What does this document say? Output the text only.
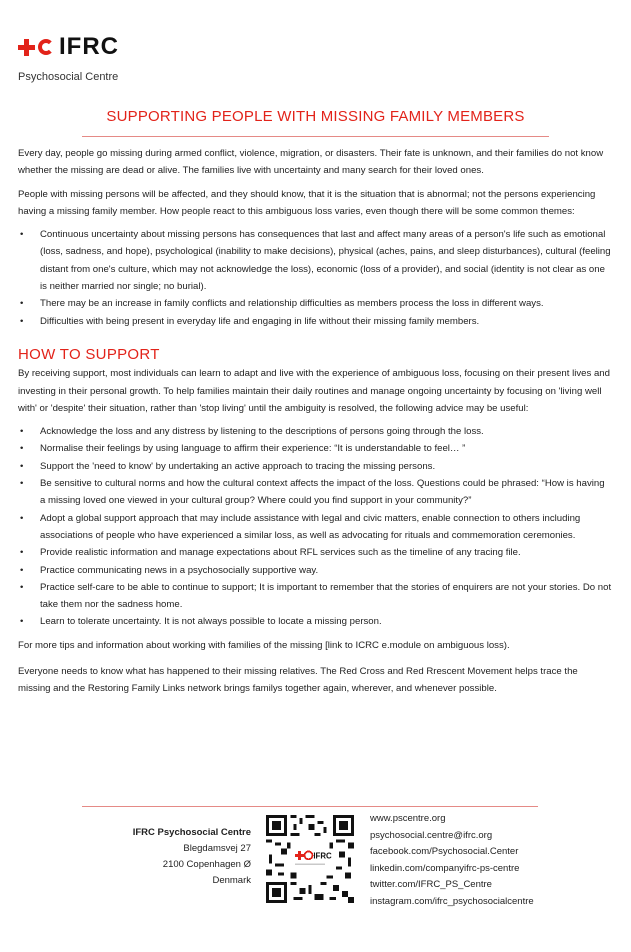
IFRC
Psychosocial Centre
SUPPORTING PEOPLE WITH MISSING FAMILY MEMBERS

Every day, people go missing during armed conflict, violence, migration, or disasters. Their fate is unknown, and their families do not know whether the missing are dead or alive. The families live with uncertainty and many search for their loved ones.

People with missing persons will be affected, and they should know, that it is the situation that is abnormal; not the persons experiencing having a missing family member. How people react to this ambiguous loss varies, even though there will be some common themes:

• Continuous uncertainty about missing persons has consequences that last and affect many areas of a person's life such as emotional (loss, sadness, and hope), psychological (inability to make decisions), physical (aches, pains, and sleep disturbances), cultural (feeling distant from one's culture, which may not acknowledge the loss), economic (loss of a provider), and social (identity is not clear as one is neither married nor single; no burial).
• There may be an increase in family conflicts and relationship difficulties as members process the loss in different ways.
• Difficulties with being present in everyday life and engaging in life without their missing family members.
HOW TO SUPPORT

By receiving support, most individuals can learn to adapt and live with the experience of ambiguous loss, focusing on their present lives and investing in their personal growth. To help families maintain their daily routines and manage ongoing uncertainty by focusing on 'living well with' or 'despite' their situation, rather than 'stop living' until the ambiguity is resolved, the following advice may be useful:

• Acknowledge the loss and any distress by listening to the descriptions of persons going through the loss.
• Normalise their feelings by using language to affirm their experience: “It is understandable to feel… ”
• Support the 'need to know' by undertaking an active approach to tracing the missing persons.
• Be sensitive to cultural norms and how the cultural context affects the impact of the loss. Questions could be phrased: “How is having a missing loved one viewed in your cultural group? Where could you find support in your community?”
• Adopt a global support approach that may include assistance with legal and civic matters, enable connection to others including associations of people who have experienced a similar loss, as well as advocating for rituals and commemoration ceremonies.
• Provide realistic information and manage expectations about RFL services such as the timeline of any tracing file.
• Practice communicating news in a psychosocially supportive way.
• Practice self-care to be able to continue to support; It is important to remember that the stories of enquirers are not your stories. Do not take them nor the sadness home.
• Learn to tolerate uncertainty. It is not always possible to locate a missing person.

For more tips and information about working with families of the missing [link to ICRC e.module on ambiguous loss).

Everyone needs to know what has happened to their missing relatives. The Red Cross and Red Rrescent Movement helps trace the missing and the Restoring Family Links network brings familys together again, wherever, and whenever possible.

IFRC Psychosocial Centre
Blegdamsvej 27
2100 Copenhagen Ø
Denmark
IFRC
www.pscentre.org
psychosocial.centre@ifrc.org
facebook.com/Psychosocial.Center
linkedin.com/companyifrc-ps-centre
twitter.com/IFRC_PS_Centre
instagram.com/ifrc_psychosocialcentre
